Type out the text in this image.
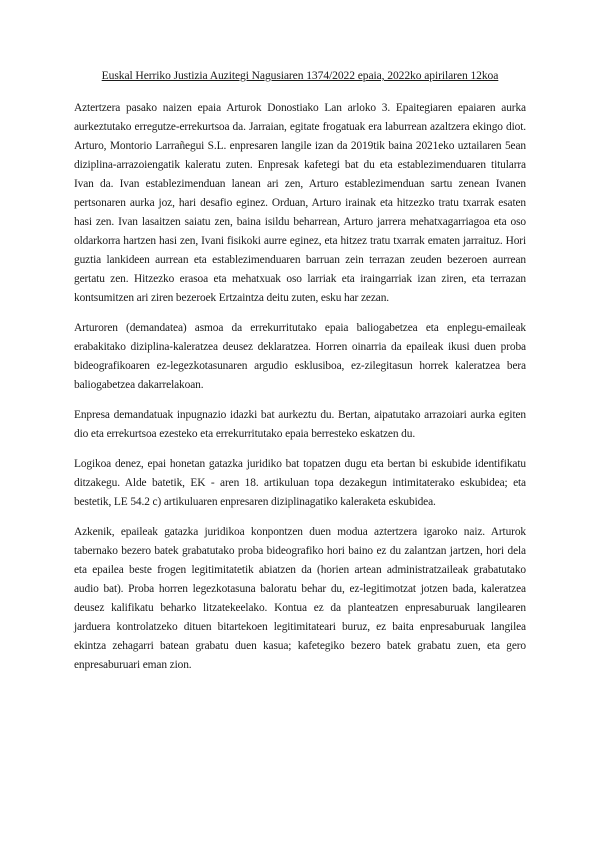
Euskal Herriko Justizia Auzitegi Nagusiaren 1374/2022 epaia, 2022ko apirilaren 12koa

Aztertzera pasako naizen epaia Arturok Donostiako Lan arloko 3. Epaitegiaren epaiaren aurka aurkeztutako erregutze-errekurtsoa da. Jarraian, egitate frogatuak era laburrean azaltzera ekingo diot. Arturo, Montorio Larrañegui S.L. enpresaren langile izan da 2019tik baina 2021eko uztailaren 5ean diziplina-arrazoiengatik kaleratu zuten. Enpresak kafetegi bat du eta establezimenduaren titularra Ivan da. Ivan establezimenduan lanean ari zen, Arturo establezimenduan sartu zenean Ivanen pertsonaren aurka joz, hari desafio eginez. Orduan, Arturo irainak eta hitzezko tratu txarrak esaten hasi zen. Ivan lasaitzen saiatu zen, baina isildu beharrean, Arturo jarrera mehatxagarriagoa eta oso oldarkorra hartzen hasi zen, Ivani fisikoki aurre eginez, eta hitzez tratu txarrak ematen jarraituz. Hori guztia lankideen aurrean eta establezimenduaren barruan zein terrazan zeuden bezeroen aurrean gertatu zen. Hitzezko erasoa eta mehatxuak oso larriak eta iraingarriak izan ziren, eta terrazan kontsumitzen ari ziren bezeroek Ertzaintza deitu zuten, esku har zezan.

Arturoren (demandatea) asmoa da errekurritutako epaia baliogabetzea eta enplegu-emaileak erabakitako diziplina-kaleratzea deusez deklaratzea. Horren oinarria da epaileak ikusi duen proba bideografikoaren ez-legezkotasunaren argudio esklusiboa, ez-zilegitasun horrek kaleratzea bera baliogabetzea dakarrelakoan.

Enpresa demandatuak inpugnazio idazki bat aurkeztu du. Bertan, aipatutako arrazoiari aurka egiten dio eta errekurtsoa ezesteko eta errekurritutako epaia berresteko eskatzen du.

Logikoa denez, epai honetan gatazka juridiko bat topatzen dugu eta bertan bi eskubide identifikatu ditzakegu. Alde batetik, EK - aren 18. artikuluan topa dezakegun intimitaterako eskubidea; eta bestetik, LE 54.2 c) artikuluaren enpresaren diziplinagatiko kaleraketa eskubidea.

Azkenik, epaileak gatazka juridikoa konpontzen duen modua aztertzera igaroko naiz. Arturok tabernako bezero batek grabatutako proba bideografiko hori baino ez du zalantzan jartzen, hori dela eta epailea beste frogen legitimitatetik abiatzen da (horien artean administratzaileak grabatutako audio bat). Proba horren legezkotasuna baloratu behar du, ez-legitimotzat jotzen bada, kaleratzea deusez kalifikatu beharko litzatekeelako. Kontua ez da planteatzen enpresaburuak langilearen jarduera kontrolatzeko dituen bitartekoen legitimitateari buruz, ez baita enpresaburuak langilea ekintza zehagarri batean grabatu duen kasua; kafetegiko bezero batek grabatu zuen, eta gero enpresaburuari eman zion.
